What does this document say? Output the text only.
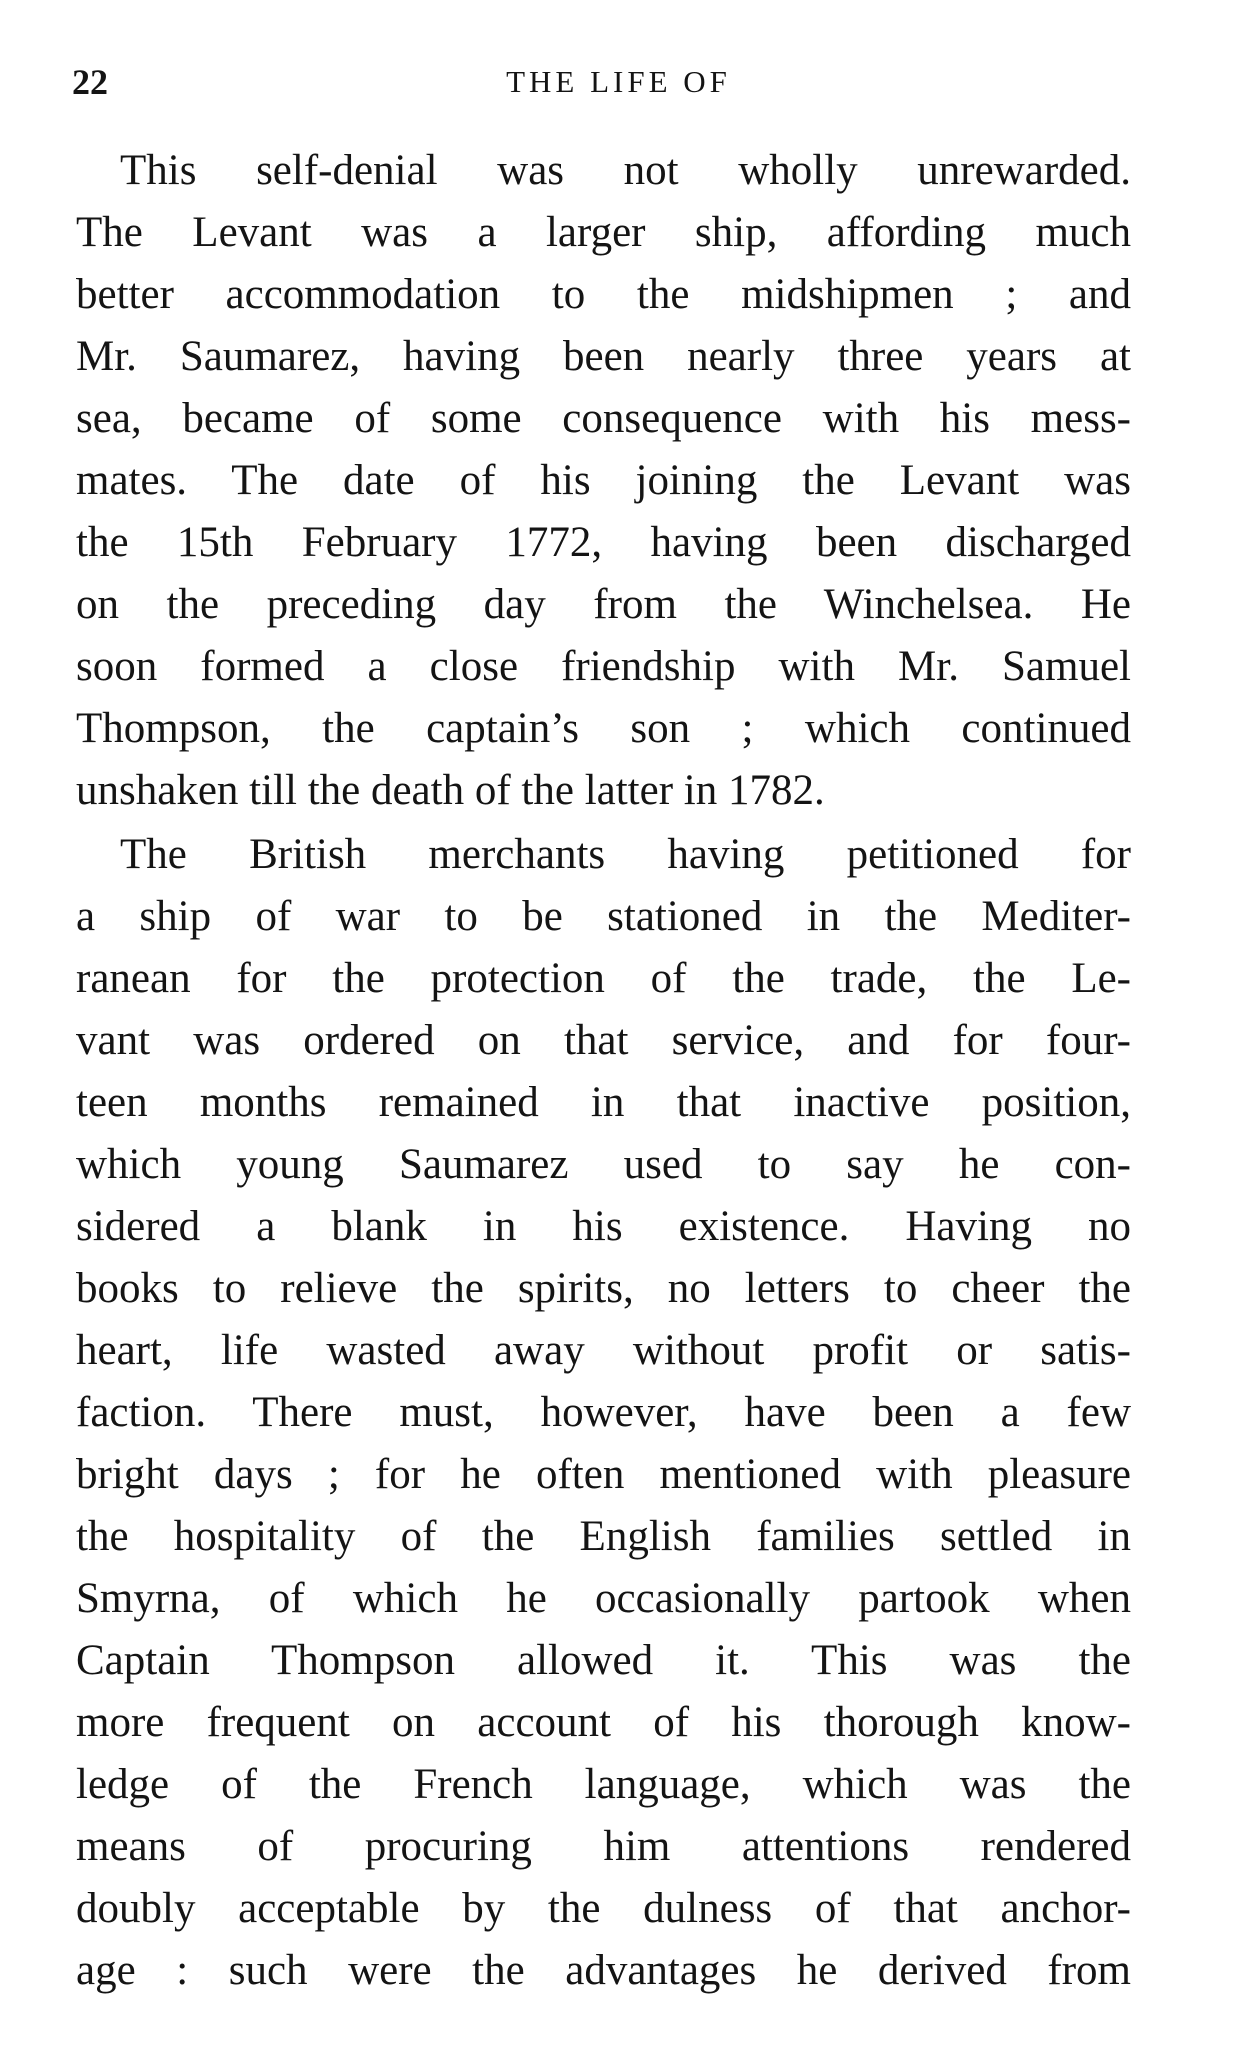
22	THE LIFE OF
This self-denial was not wholly unrewarded.
The Levant was a larger ship, affording much
better accommodation to the midshipmen ; and
Mr. Saumarez, having been nearly three years at
sea, became of some consequence with his mess-
mates. The date of his joining the Levant was
the 15th February 1772, having been discharged
on the preceding day from the Winchelsea. He
soon formed a close friendship with Mr. Samuel
Thompson, the captain’s son ; which continued
unshaken till the death of the latter in 1782.
The British merchants having petitioned for
a ship of war to be stationed in the Mediter-
ranean for the protection of the trade, the Le-
vant was ordered on that service, and for four-
teen months remained in that inactive position,
which young Saumarez used to say he con-
sidered a blank in his existence. Having no
books to relieve the spirits, no letters to cheer the
heart, life wasted away without profit or satis-
faction. There must, however, have been a few
bright days ; for he often mentioned with pleasure
the hospitality of the English families settled in
Smyrna, of which he occasionally partook when
Captain Thompson allowed it. This was the
more frequent on account of his thorough know-
ledge of the French language, which was the
means of procuring him attentions rendered
doubly acceptable by the dulness of that anchor-
age : such were the advantages he derived from
